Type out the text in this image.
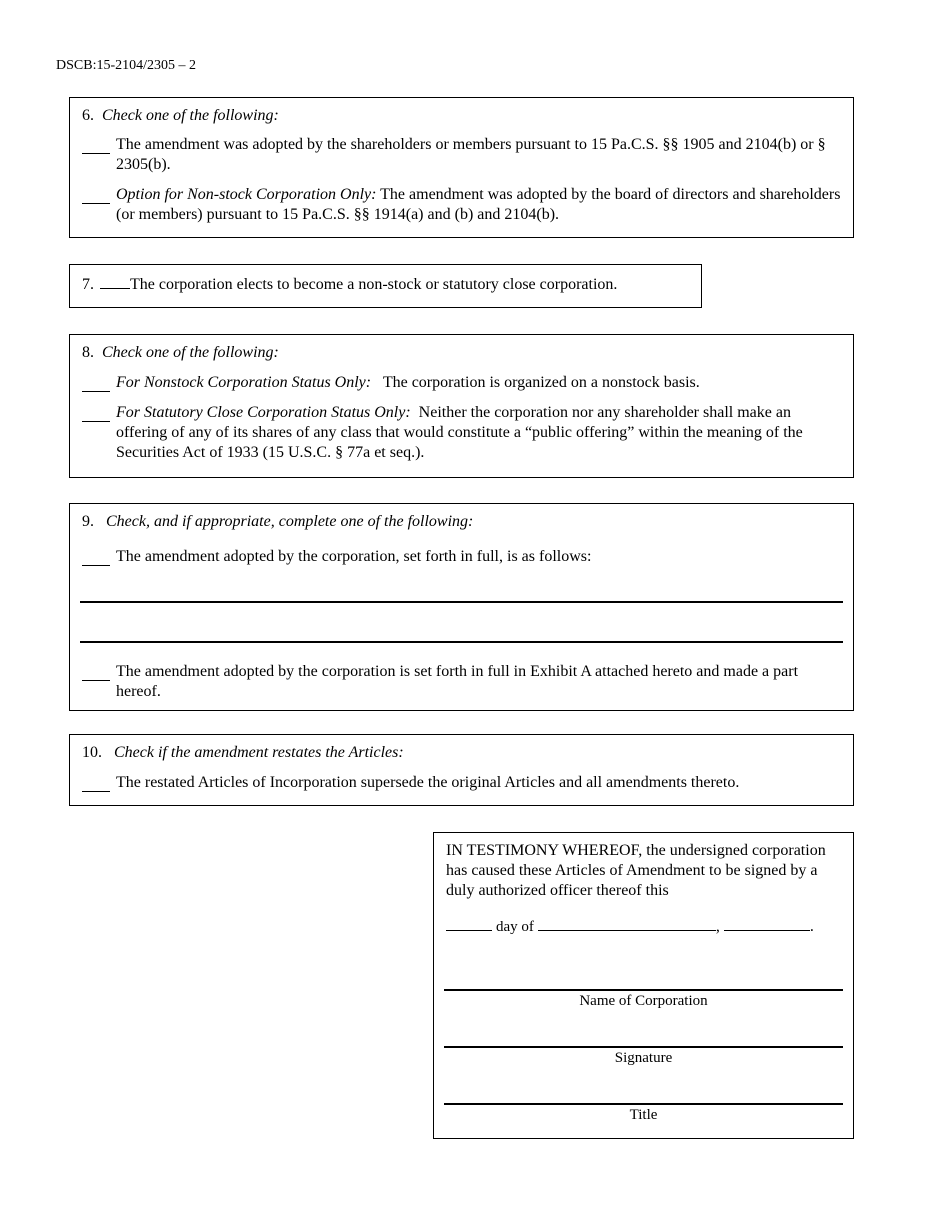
DSCB:15-2104/2305 – 2
6. Check one of the following:
The amendment was adopted by the shareholders or members pursuant to 15 Pa.C.S. §§ 1905 and 2104(b) or § 2305(b).
Option for Non-stock Corporation Only: The amendment was adopted by the board of directors and shareholders (or members) pursuant to 15 Pa.C.S. §§ 1914(a) and (b) and 2104(b).
7. The corporation elects to become a non-stock or statutory close corporation.
8. Check one of the following:
For Nonstock Corporation Status Only:   The corporation is organized on a nonstock basis.
For Statutory Close Corporation Status Only:  Neither the corporation nor any shareholder shall make an offering of any of its shares of any class that would constitute a “public offering” within the meaning of the Securities Act of 1933 (15 U.S.C. § 77a et seq.).
9. Check, and if appropriate, complete one of the following:
The amendment adopted by the corporation, set forth in full, is as follows:
The amendment adopted by the corporation is set forth in full in Exhibit A attached hereto and made a part hereof.
10. Check if the amendment restates the Articles:
The restated Articles of Incorporation supersede the original Articles and all amendments thereto.
IN TESTIMONY WHEREOF, the undersigned corporation has caused these Articles of Amendment to be signed by a duly authorized officer thereof this
day of	,	.
Name of Corporation
Signature
Title
